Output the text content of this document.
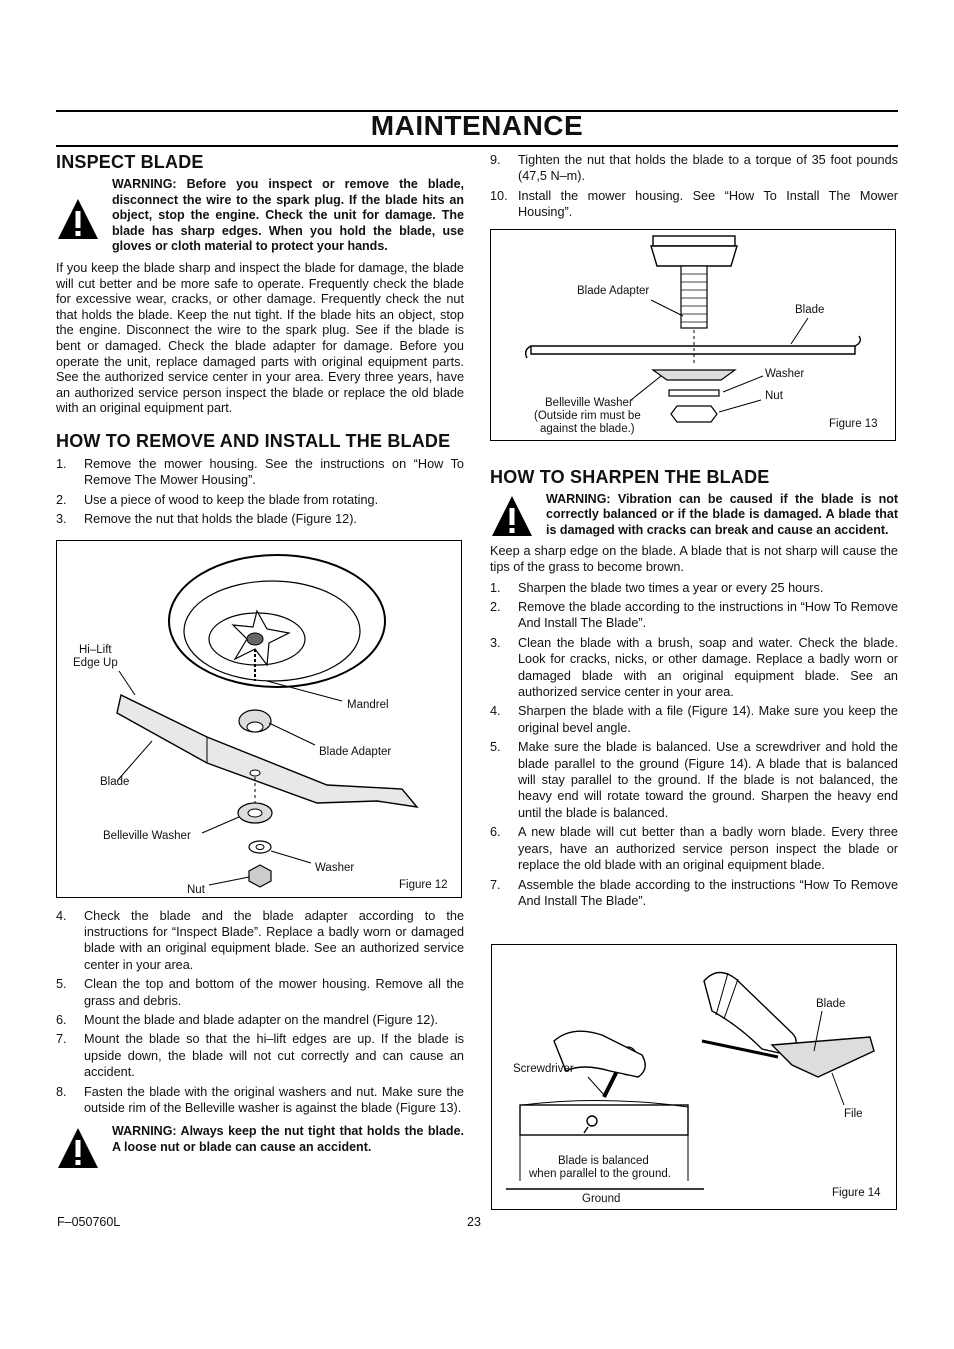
MAINTENANCE
INSPECT BLADE

WARNING: Before you inspect or remove the blade, disconnect the wire to the spark plug. If the blade hits an object, stop the engine. Check the unit for damage. The blade has sharp edges. When you hold the blade, use gloves or cloth material to protect your hands.

If you keep the blade sharp and inspect the blade for damage, the blade will cut better and be more safe to operate. Frequently check the blade for excessive wear, cracks, or other damage. Frequently check the nut that holds the blade. Keep the nut tight. If the blade hits an object, stop the engine. Disconnect the wire to the spark plug. See if the blade is bent or damaged. Check the blade adapter for damage. Before you operate the unit, replace damaged parts with original equipment parts. See the authorized service center in your area. Every three years, have an authorized service person inspect the blade or replace the old blade with an original equipment part.

HOW TO REMOVE AND INSTALL THE BLADE
1.	Remove the mower housing. See the instructions on “How To Remove The Mower Housing”.
2.	Use a piece of wood to keep the blade from rotating.
3.	Remove the nut that holds the blade (Figure 12).
Hi–Lift
Edge Up
Mandrel
Blade Adapter
Blade
Belleville Washer
Washer
Nut	Figure 12
4.	Check the blade and the blade adapter according to the instructions for “Inspect Blade”. Replace a badly worn or damaged blade with an original equipment blade. See an authorized service center in your area.
5.	Clean the top and bottom of the mower housing. Remove all the grass and debris.
6.	Mount the blade and blade adapter on the mandrel (Figure 12).
7.	Mount the blade so that the hi–lift edges are up. If the blade is upside down, the blade will not cut correctly and can cause an accident.
8.	Fasten the blade with the original washers and nut. Make sure the outside rim of the Belleville washer is against the blade (Figure 13).

WARNING: Always keep the nut tight that holds the blade. A loose nut or blade can cause an accident.

9.	Tighten the nut that holds the blade to a torque of 35 foot pounds (47,5 N–m).
10. Install the mower housing. See “How To Install The Mower Housing”.
Blade Adapter
Blade
Washer
Nut
Belleville Washer
(Outside rim must be
against the blade.)	Figure 13
HOW TO SHARPEN THE BLADE

WARNING: Vibration can be caused if the blade is not correctly balanced or if the blade is damaged. A blade that is damaged with cracks can break and cause an accident.

Keep a sharp edge on the blade. A blade that is not sharp will cause the tips of the grass to become brown.

1.	Sharpen the blade two times a year or every 25 hours.
2.	Remove the blade according to the instructions in “How To Remove And Install The Blade”.
3.	Clean the blade with a brush, soap and water. Check the blade. Look for cracks, nicks, or other damage. Replace a badly worn or damaged blade with an original equipment blade. See an authorized service center in your area.
4.	Sharpen the blade with a file (Figure 14). Make sure you keep the original bevel angle.
5.	Make sure the blade is balanced. Use a screwdriver and hold the blade parallel to the ground (Figure 14). A blade that is balanced will stay parallel to the ground. If the blade is not balanced, the heavy end will rotate toward the ground. Sharpen the heavy end until the blade is balanced.
6.	A new blade will cut better than a badly worn blade. Every three years, have an authorized service person inspect the blade or replace the old blade with an original equipment blade.
7.	Assemble the blade according to the instructions “How To Remove And Install The Blade”.
Blade
Screwdriver
File
Blade is balanced
when parallel to the ground.
Ground	Figure 14
F–050760L	23
